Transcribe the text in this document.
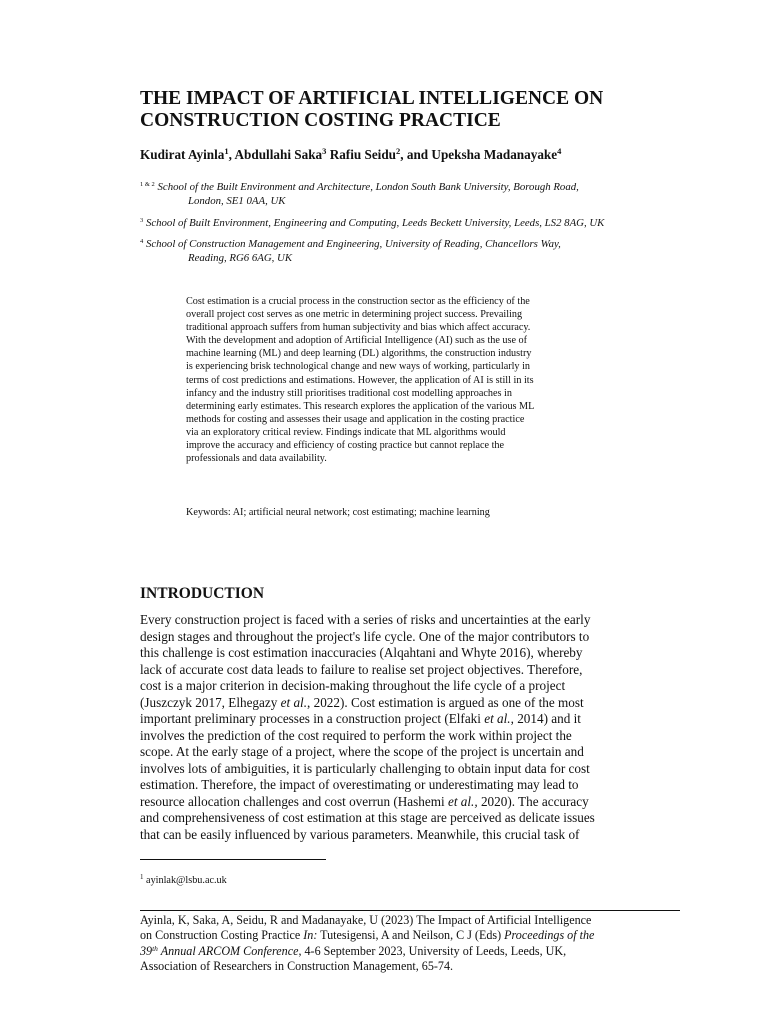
THE IMPACT OF ARTIFICIAL INTELLIGENCE ON
CONSTRUCTION COSTING PRACTICE
Kudirat Ayinla$^1$, Abdullahi Saka$^3$ Rafiu Seidu$^2$, and Upeksha Madanayake$^4$
$^{1 \& 2}$ School of the Built Environment and Architecture, London South Bank University, Borough Road,
London, SE1 0AA, UK
$^3$ School of Built Environment, Engineering and Computing, Leeds Beckett University, Leeds, LS2 8AG, UK
$^4$ School of Construction Management and Engineering, University of Reading, Chancellors Way,
Reading, RG6 6AG, UK
Cost estimation is a crucial process in the construction sector as the efficiency of the
overall project cost serves as one metric in determining project success. Prevailing
traditional approach suffers from human subjectivity and bias which affect accuracy.
With the development and adoption of Artificial Intelligence (AI) such as the use of
machine learning (ML) and deep learning (DL) algorithms, the construction industry
is experiencing brisk technological change and new ways of working, particularly in
terms of cost predictions and estimations. However, the application of AI is still in its
infancy and the industry still prioritises traditional cost modelling approaches in
determining early estimates. This research explores the application of the various ML
methods for costing and assesses their usage and application in the costing practice
via an exploratory critical review. Findings indicate that ML algorithms would
improve the accuracy and efficiency of costing practice but cannot replace the
professionals and data availability.
Keywords: AI; artificial neural network; cost estimating; machine learning
INTRODUCTION
Every construction project is faced with a series of risks and uncertainties at the early
design stages and throughout the project's life cycle. One of the major contributors to
this challenge is cost estimation inaccuracies (Alqahtani and Whyte 2016), whereby
lack of accurate cost data leads to failure to realise set project objectives. Therefore,
cost is a major criterion in decision-making throughout the life cycle of a project
(Juszczyk 2017, Elhegazy et al., 2022). Cost estimation is argued as one of the most
important preliminary processes in a construction project (Elfaki et al., 2014) and it
involves the prediction of the cost required to perform the work within project the
scope. At the early stage of a project, where the scope of the project is uncertain and
involves lots of ambiguities, it is particularly challenging to obtain input data for cost
estimation. Therefore, the impact of overestimating or underestimating may lead to
resource allocation challenges and cost overrun (Hashemi et al., 2020). The accuracy
and comprehensiveness of cost estimation at this stage are perceived as delicate issues
that can be easily influenced by various parameters. Meanwhile, this crucial task of
$^1$ ayinlak@lsbu.ac.uk
Ayinla, K, Saka, A, Seidu, R and Madanayake, U (2023) The Impact of Artificial Intelligence
on Construction Costing Practice In: Tutesigensi, A and Neilson, C J (Eds) Proceedings of the
39th Annual ARCOM Conference, 4-6 September 2023, University of Leeds, Leeds, UK,
Association of Researchers in Construction Management, 65-74.
